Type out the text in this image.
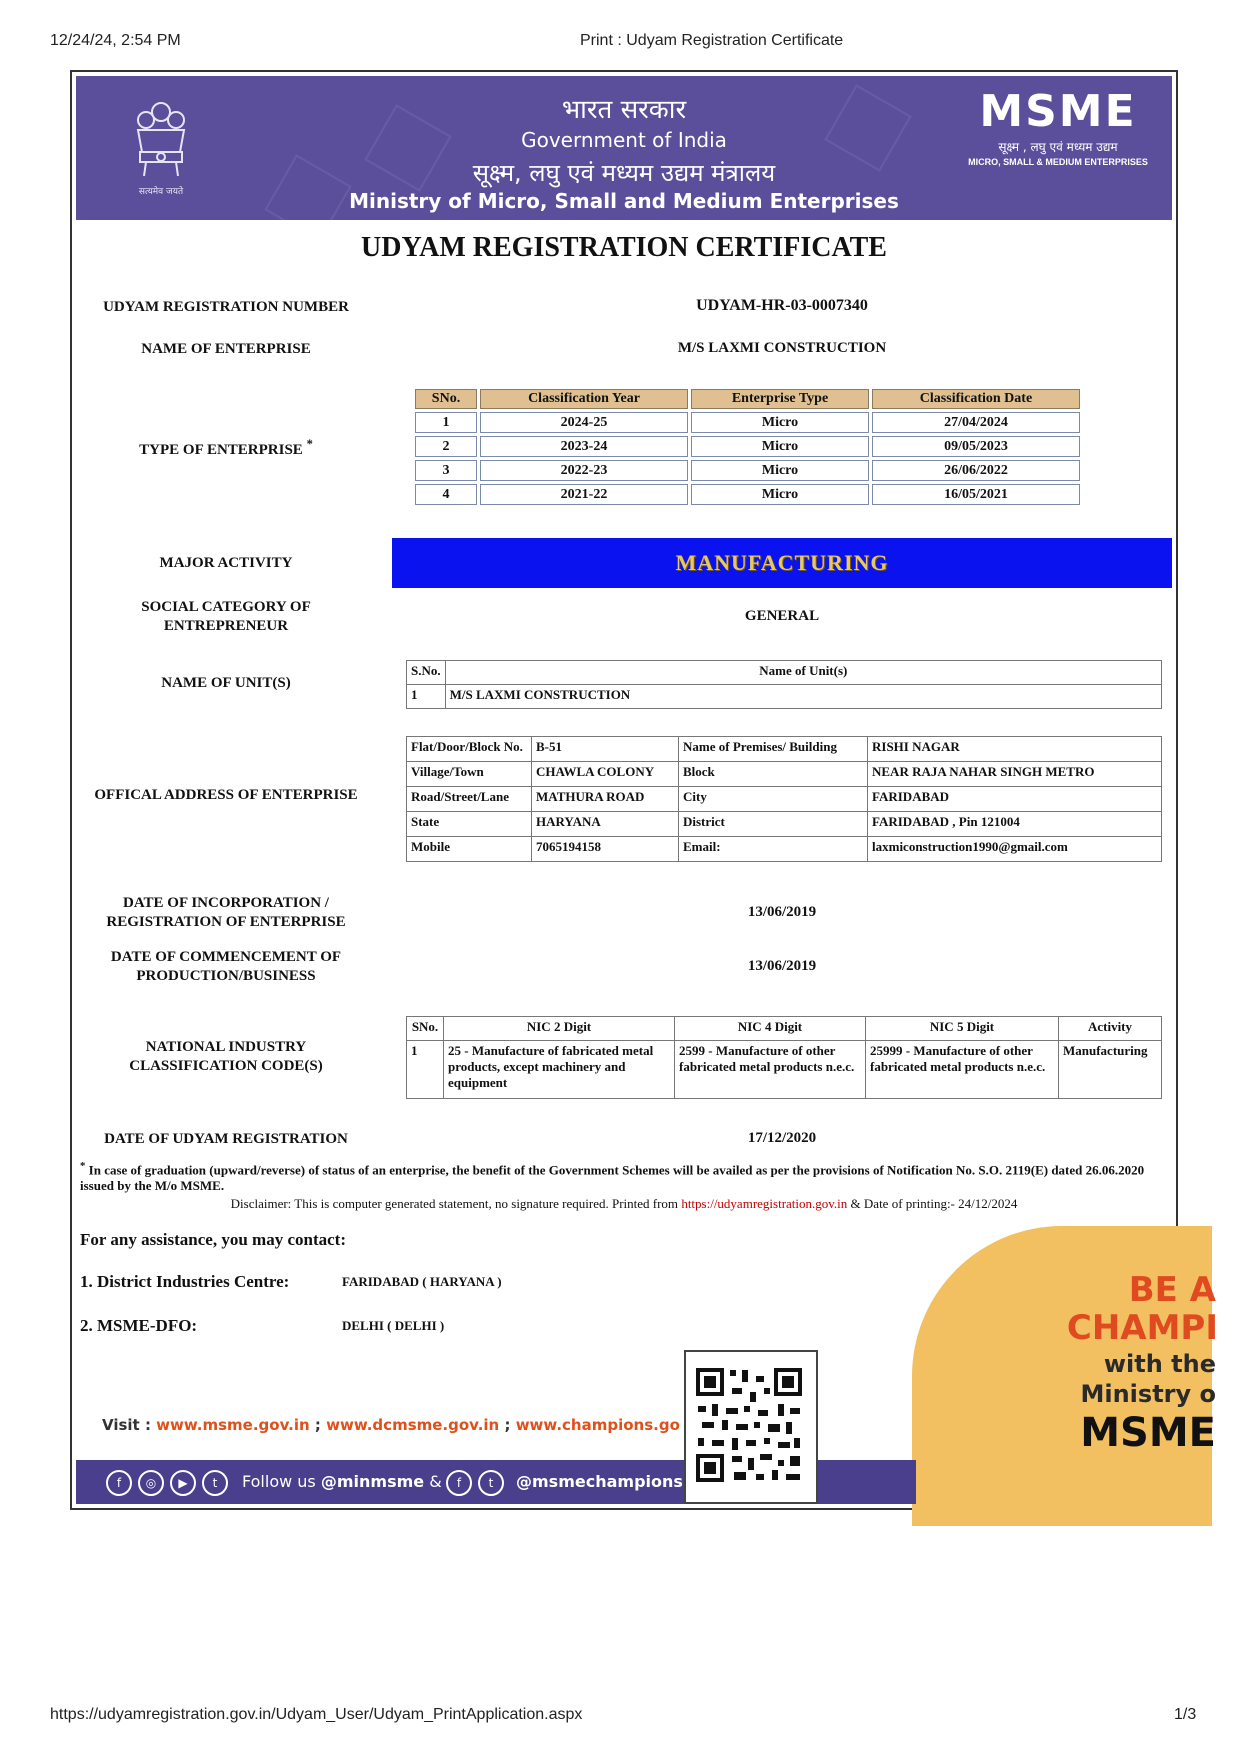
12/24/24, 2:54 PM	Print : Udyam Registration Certificate
सत्यमेव जयते
भारत सरकार
Government of India
सूक्ष्म, लघु एवं मध्यम उद्यम मंत्रालय
Ministry of Micro, Small and Medium Enterprises
MSME
सूक्ष्म , लघु एवं मध्यम उद्यम
MICRO, SMALL & MEDIUM ENTERPRISES
UDYAM REGISTRATION CERTIFICATE
UDYAM REGISTRATION NUMBER	UDYAM-HR-03-0007340
NAME OF ENTERPRISE	M/S LAXMI CONSTRUCTION
TYPE OF ENTERPRISE *
SNo.	Classification Year	Enterprise Type	Classification Date
1	2024-25	Micro	27/04/2024
2	2023-24	Micro	09/05/2023
3	2022-23	Micro	26/06/2022
4	2021-22	Micro	16/05/2021
MAJOR ACTIVITY	MANUFACTURING
SOCIAL CATEGORY OF
ENTREPRENEUR
GENERAL
NAME OF UNIT(S)
S.No.	Name of Unit(s)
1	M/S LAXMI CONSTRUCTION
OFFICAL ADDRESS OF ENTERPRISE
Flat/Door/Block No.	B-51	Name of Premises/ Building	RISHI NAGAR
Village/Town	CHAWLA COLONY	Block	NEAR RAJA NAHAR SINGH METRO
Road/Street/Lane	MATHURA ROAD	City	FARIDABAD
State	HARYANA	District	FARIDABAD , Pin 121004
Mobile	7065194158	Email:	laxmiconstruction1990@gmail.com
DATE OF INCORPORATION /
REGISTRATION OF ENTERPRISE
13/06/2019
DATE OF COMMENCEMENT OF
PRODUCTION/BUSINESS
13/06/2019
NATIONAL INDUSTRY
CLASSIFICATION CODE(S)
SNo.	NIC 2 Digit	NIC 4 Digit	NIC 5 Digit	Activity
1	25 - Manufacture of fabricated metal products, except machinery and equipment	2599 - Manufacture of other fabricated metal products n.e.c.	25999 - Manufacture of other fabricated metal products n.e.c.	Manufacturing
DATE OF UDYAM REGISTRATION	17/12/2020
* In case of graduation (upward/reverse) of status of an enterprise, the benefit of the Government Schemes will be availed as per the provisions of Notification No. S.O. 2119(E) dated 26.06.2020 issued by the M/o MSME.
Disclaimer: This is computer generated statement, no signature required. Printed from https://udyamregistration.gov.in & Date of printing:- 24/12/2024
For any assistance, you may contact:
1. District Industries Centre:	FARIDABAD ( HARYANA )
2. MSME-DFO:	DELHI ( DELHI )
BE A
CHAMPI
with the
Ministry o
MSME
Visit : www.msme.gov.in ; www.dcmsme.gov.in ; www.champions.go
f	◎	▶	t	Follow us @minmsme &	f	t	@msmechampions
https://udyamregistration.gov.in/Udyam_User/Udyam_PrintApplication.aspx	1/3
